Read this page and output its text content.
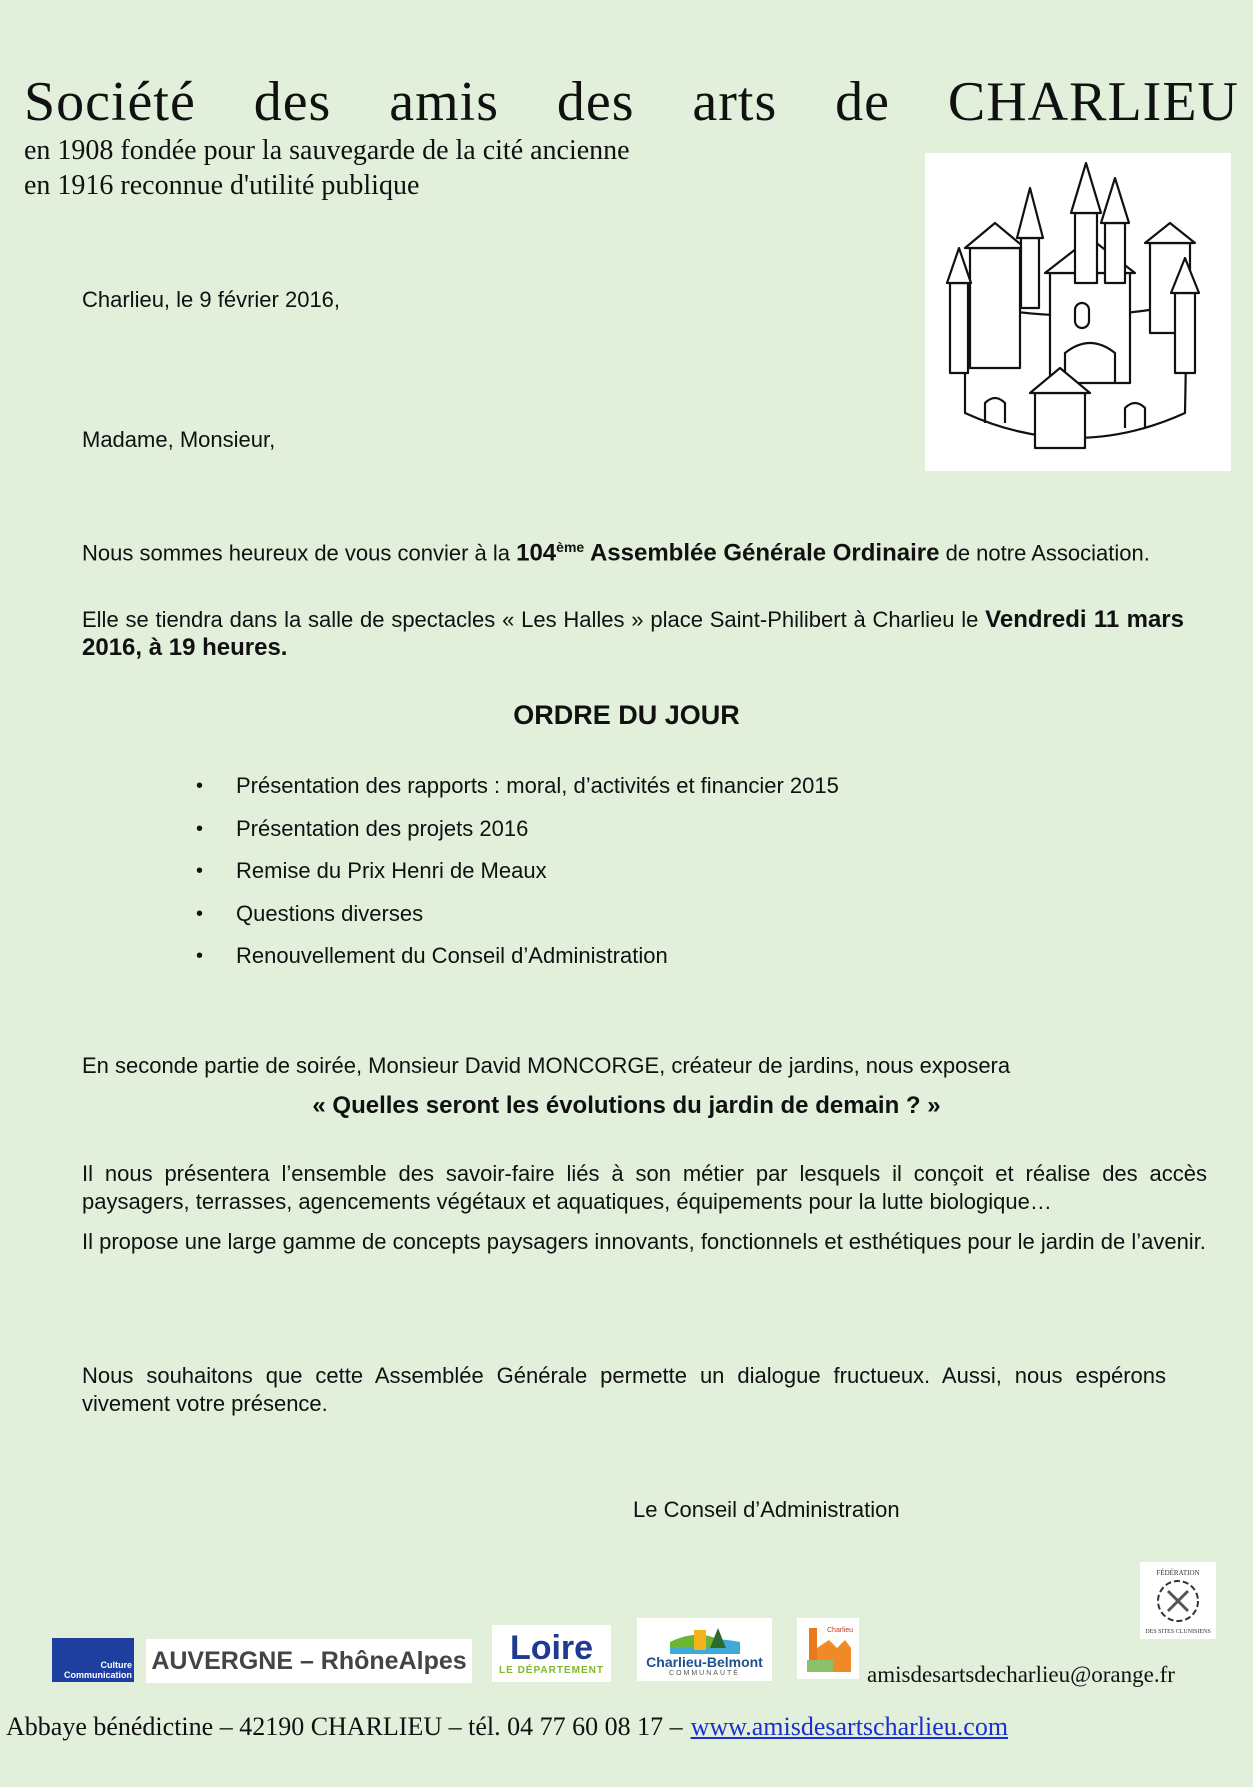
Société des amis des arts de CHARLIEU
en 1908 fondée pour la sauvegarde de la cité ancienne
en 1916 reconnue d'utilité publique
Charlieu, le 9 février 2016,
Madame, Monsieur,
Nous sommes heureux de vous convier à la 104ème Assemblée Générale Ordinaire de notre Association.
Elle se tiendra dans la salle de spectacles « Les Halles » place Saint-Philibert à Charlieu le Vendredi 11 mars 2016, à 19 heures.
ORDRE DU JOUR
•	Présentation des rapports : moral, d’activités et financier 2015
•	Présentation des projets 2016
•	Remise du Prix Henri de Meaux
•	Questions diverses
•	Renouvellement du Conseil d’Administration
En seconde partie de soirée, Monsieur David MONCORGE, créateur de jardins, nous exposera
« Quelles seront les évolutions du jardin de demain ? »
Il nous présentera l’ensemble des savoir-faire liés à son métier par lesquels il conçoit et réalise des accès paysagers, terrasses, agencements végétaux et aquatiques, équipements pour la lutte biologique…
Il propose une large gamme de concepts paysagers innovants, fonctionnels et esthétiques pour le jardin de l’avenir.
Nous souhaitons que cette Assemblée Générale permette un dialogue fructueux. Aussi, nous espérons vivement votre présence.
Le Conseil d’Administration
Culture
Communication
AUVERGNE – RhôneAlpes Loire
LE DÉPARTEMENT
Charlieu-Belmont
COMMUNAUTÉ
Charlieu
FÉDÉRATION
DES SITES CLUNISIENS
amisdesartsdecharlieu@orange.fr
Abbaye bénédictine – 42190 CHARLIEU – tél. 04 77 60 08 17 – www.amisdesartscharlieu.com
